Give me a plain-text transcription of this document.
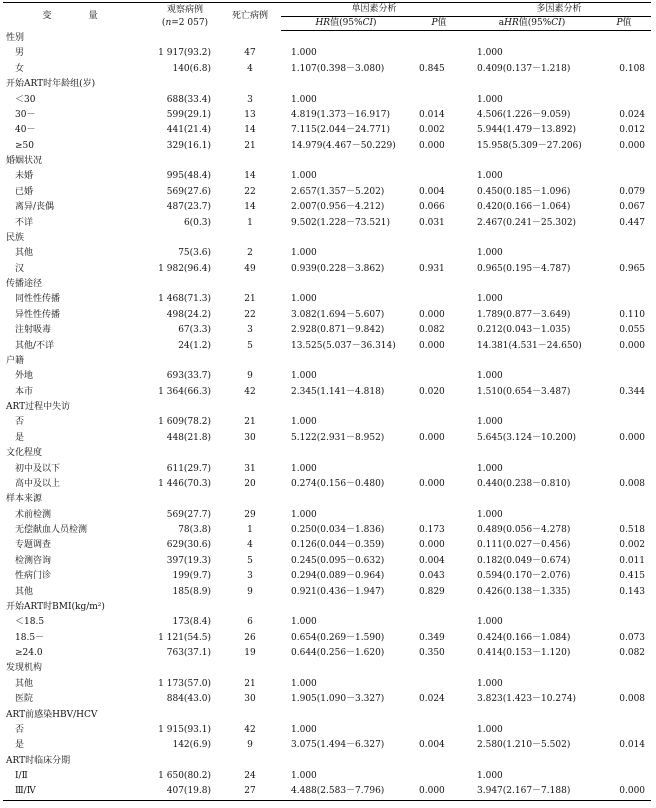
变　量	观察病例
(n=2 057)	死亡病例	单因素分析		多因素分析	
			HR值(95%CI)	P值	aHR值(95%CI)	P值
性别						
男	1 917(93.2)	47	1.000		1.000	
女	140(6.8)	4	1.107(0.398－3.080)	0.845	0.409(0.137－1.218)	0.108
开始ART时年龄组(岁)						
＜30	688(33.4)	3	1.000		1.000	
30－	599(29.1)	13	4.819(1.373－16.917)	0.014	4.506(1.226－9.059)	0.024
40－	441(21.4)	14	7.115(2.044－24.771)	0.002	5.944(1.479－13.892)	0.012
≥50	329(16.1)	21	14.979(4.467－50.229)	0.000	15.958(5.309－27.206)	0.000
婚姻状况						
未婚	995(48.4)	14	1.000		1.000	
已婚	569(27.6)	22	2.657(1.357－5.202)	0.004	0.450(0.185－1.096)	0.079
离异/丧偶	487(23.7)	14	2.007(0.956－4.212)	0.066	0.420(0.166－1.064)	0.067
不详	6(0.3)	1	9.502(1.228－73.521)	0.031	2.467(0.241－25.302)	0.447
民族						
其他	75(3.6)	2	1.000		1.000	
汉	1 982(96.4)	49	0.939(0.228－3.862)	0.931	0.965(0.195－4.787)	0.965
传播途径						
同性性传播	1 468(71.3)	21	1.000		1.000	
异性性传播	498(24.2)	22	3.082(1.694－5.607)	0.000	1.789(0.877－3.649)	0.110
注射吸毒	67(3.3)	3	2.928(0.871－9.842)	0.082	0.212(0.043－1.035)	0.055
其他/不详	24(1.2)	5	13.525(5.037－36.314)	0.000	14.381(4.531－24.650)	0.000
户籍						
外地	693(33.7)	9	1.000		1.000	
本市	1 364(66.3)	42	2.345(1.141－4.818)	0.020	1.510(0.654－3.487)	0.344
ART过程中失访						
否	1 609(78.2)	21	1.000		1.000	
是	448(21.8)	30	5.122(2.931－8.952)	0.000	5.645(3.124－10.200)	0.000
文化程度						
初中及以下	611(29.7)	31	1.000		1.000	
高中及以上	1 446(70.3)	20	0.274(0.156－0.480)	0.000	0.440(0.238－0.810)	0.008
样本来源						
术前检测	569(27.7)	29	1.000		1.000	
无偿献血人员检测	78(3.8)	1	0.250(0.034－1.836)	0.173	0.489(0.056－4.278)	0.518
专题调查	629(30.6)	4	0.126(0.044－0.359)	0.000	0.111(0.027－0.456)	0.002
检测咨询	397(19.3)	5	0.245(0.095－0.632)	0.004	0.182(0.049－0.674)	0.011
性病门诊	199(9.7)	3	0.294(0.089－0.964)	0.043	0.594(0.170－2.076)	0.415
其他	185(8.9)	9	0.921(0.436－1.947)	0.829	0.426(0.138－1.335)	0.143
开始ART时BMI(kg/m²)						
＜18.5	173(8.4)	6	1.000		1.000	
18.5－	1 121(54.5)	26	0.654(0.269－1.590)	0.349	0.424(0.166－1.084)	0.073
≥24.0	763(37.1)	19	0.644(0.256－1.620)	0.350	0.414(0.153－1.120)	0.082
发现机构						
其他	1 173(57.0)	21	1.000		1.000	
医院	884(43.0)	30	1.905(1.090－3.327)	0.024	3.823(1.423－10.274)	0.008
ART前感染HBV/HCV						
否	1 915(93.1)	42	1.000		1.000	
是	142(6.9)	9	3.075(1.494－6.327)	0.004	2.580(1.210－5.502)	0.014
ART时临床分期						
Ⅰ/Ⅱ	1 650(80.2)	24	1.000		1.000	
Ⅲ/Ⅳ	407(19.8)	27	4.488(2.583－7.796)	0.000	3.947(2.167－7.188)	0.000
